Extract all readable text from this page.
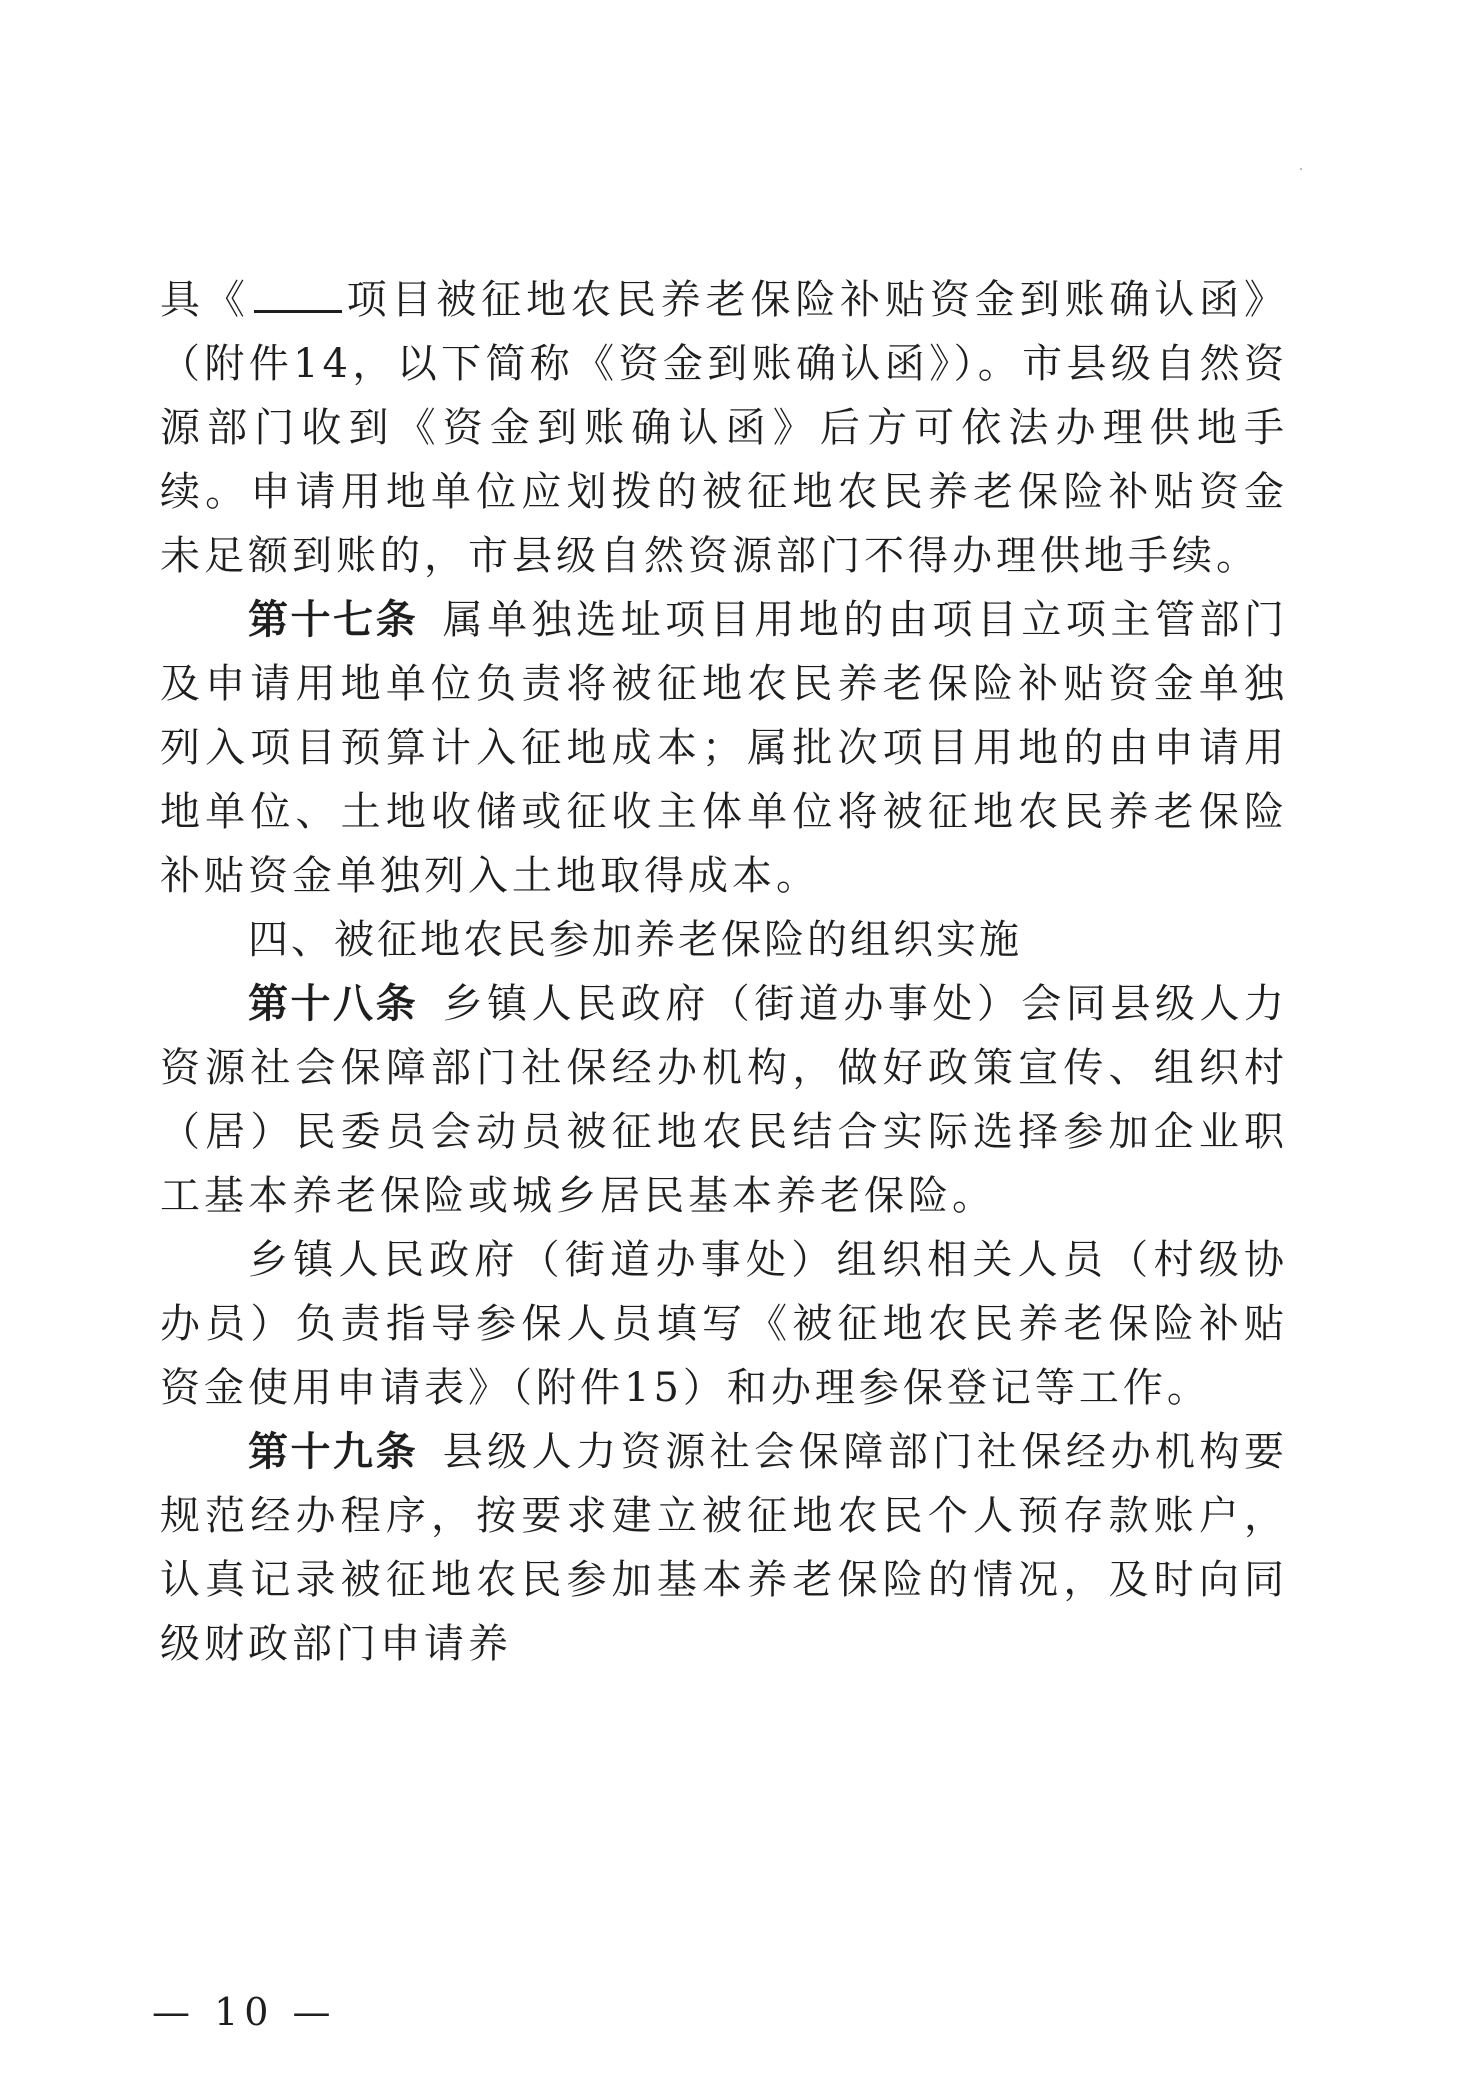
具《 项目被征地农民养老保险补贴资金到账确认函》（附件14，以下简称《资金到账确认函》）。市县级自然资源部门收到《资金到账确认函》后方可依法办理供地手续。申请用地单位应划拨的被征地农民养老保险补贴资金未足额到账的，市县级自然资源部门不得办理供地手续。

第十七条  属单独选址项目用地的由项目立项主管部门及申请用地单位负责将被征地农民养老保险补贴资金单独列入项目预算计入征地成本；属批次项目用地的由申请用地单位、土地收储或征收主体单位将被征地农民养老保险补贴资金单独列入土地取得成本。

四、被征地农民参加养老保险的组织实施

第十八条  乡镇人民政府（街道办事处）会同县级人力资源社会保障部门社保经办机构，做好政策宣传、组织村（居）民委员会动员被征地农民结合实际选择参加企业职工基本养老保险或城乡居民基本养老保险。

乡镇人民政府（街道办事处）组织相关人员（村级协办员）负责指导参保人员填写《被征地农民养老保险补贴资金使用申请表》（附件15）和办理参保登记等工作。

第十九条  县级人力资源社会保障部门社保经办机构要规范经办程序，按要求建立被征地农民个人预存款账户，认真记录被征地农民参加基本养老保险的情况，及时向同级财政部门申请养

— 10 —
